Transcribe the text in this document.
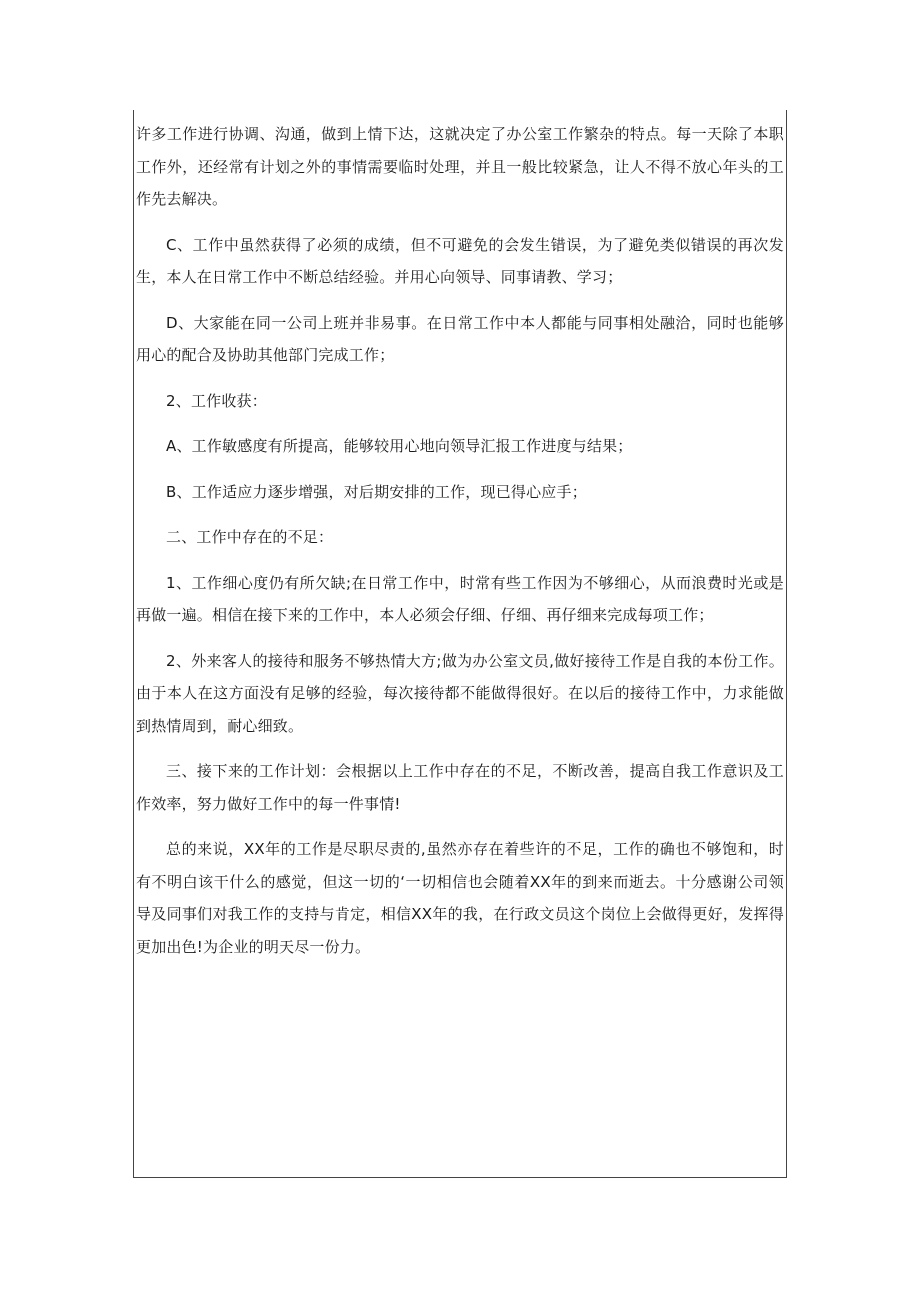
许多工作进行协调、沟通，做到上情下达，这就决定了办公室工作繁杂的特点。每一天除了本职工作外，还经常有计划之外的事情需要临时处理，并且一般比较紧急，让人不得不放心年头的工作先去解决。

C、工作中虽然获得了必须的成绩，但不可避免的会发生错误，为了避免类似错误的再次发生，本人在日常工作中不断总结经验。并用心向领导、同事请教、学习；

D、大家能在同一公司上班并非易事。在日常工作中本人都能与同事相处融洽，同时也能够用心的配合及协助其他部门完成工作；

2、工作收获：

A、工作敏感度有所提高，能够较用心地向领导汇报工作进度与结果；

B、工作适应力逐步增强，对后期安排的工作，现已得心应手；

二、工作中存在的不足：

1、工作细心度仍有所欠缺;在日常工作中，时常有些工作因为不够细心，从而浪费时光或是再做一遍。相信在接下来的工作中，本人必须会仔细、仔细、再仔细来完成每项工作；

2、外来客人的接待和服务不够热情大方;做为办公室文员,做好接待工作是自我的本份工作。由于本人在这方面没有足够的经验，每次接待都不能做得很好。在以后的接待工作中，力求能做到热情周到，耐心细致。

三、接下来的工作计划：会根据以上工作中存在的不足，不断改善，提高自我工作意识及工作效率，努力做好工作中的每一件事情!

总的来说，XX年的工作是尽职尽责的,虽然亦存在着些许的不足，工作的确也不够饱和，时有不明白该干什么的感觉，但这一切的‘一切相信也会随着XX年的到来而逝去。十分感谢公司领导及同事们对我工作的支持与肯定，相信XX年的我，在行政文员这个岗位上会做得更好，发挥得更加出色!为企业的明天尽一份力。
